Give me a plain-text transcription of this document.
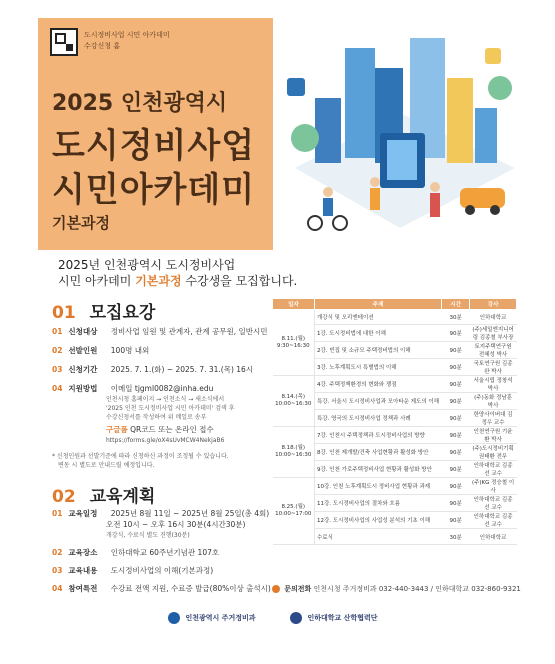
도시정비사업 시민 아카데미
수강신청 홈
2025 인천광역시
도시정비사업
시민아카데미
기본과정
2025년 인천광역시 도시정비사업
시민 아카데미 기본과정 수강생을 모집합니다.
01 모집요강
01 신청대상 정비사업 임원 및 관계자, 관계 공무원, 일반시민
02 선발인원 100명 내외
03 신청기간 2025. 7. 1.(화) ~ 2025. 7. 31.(목) 16시
04 지원방법 이메일 tjgml0082@inha.edu
인천시청 홈페이지 → 인천소식 → 새소식에서
'2025 인천 도시정비사업 시민 아카데미' 검색 후
수강신청서를 작성하여 위 메일로 송부
구글폼 QR코드 또는 온라인 접수
https://forms.gle/oX4sUvMCW4NekjaB6
* 신청인원과 선발기준에 따라 신청하신 과정이 조정될 수 있습니다.
변동 시 별도로 안내드릴 예정입니다.
02 교육계획
01 교육일정 2025년 8월 11일 ~ 2025년 8월 25일(총 4회)
오전 10시 ~ 오후 16시 30분(4시간30분)
개강식, 수료식 별도 진행(30분)
02 교육장소 인하대학교 60주년기념관 107호
03 교육내용 도시정비사업의 이해(기본과정)
04 참여특전 수강료 전액 지원, 수료증 발급(80%이상 출석시)
일자	주제	시간	강사

8.11.(월)
9:30~16:30	개강식 및 오리엔테이션	30분	인하대학교
	1강. 도시정비법에 대한 이해	90분	(주)세일엔지니어링 김종철 부사장
	2강. 빈집 및 소규모 주택정비법의 이해	90분	토지주택연구원 전혜성 박사
	3강. 노후계획도시 특별법의 이해	90분	국토연구원 김종완 박사

8.14.(목)
10:00~16:30	4강. 주택정책환경의 변화와 쟁점	90분	서울시립 정창석 박사
	특강. 서울시 도시정비사업과 모아타운 제도의 이해	90분	(주)동화 정남훈 박사
	특강. 영국의 도시정비사업 정책과 사례	90분	한양사이버대 김정우 교수

8.18.(월)
10:00~16:30	7강. 인천시 주택정책과 도시정비사업의 방향	90분	인천연구원 기윤환 박사
	8강. 인천 제개발/건축 사업현황과 활성화 방안	90분	(주)도시정비기획 권태환 전무
	9강. 인천 가로주택정비사업 현황과 활성화 방안	90분	인하대학교 김종선 교수

8.25.(월)
10:00~17:00	10강. 인천 노후계획도시 정비사업 현황과 과제	90분	(주)KG 정승철 이사
	11강. 도시정비사업의 절차와 흐름	90분	인하대학교 김종선 교수
	12강. 도시정비사업의 사업성 분석의 기초 이해	90분	인하대학교 김종선 교수
	수료식	30분	인하대학교
문의전화 인천시청 주거정비과 032-440-3443 / 인하대학교 032-860-9321
인천광역시 주거정비과	인하대학교 산학협력단
